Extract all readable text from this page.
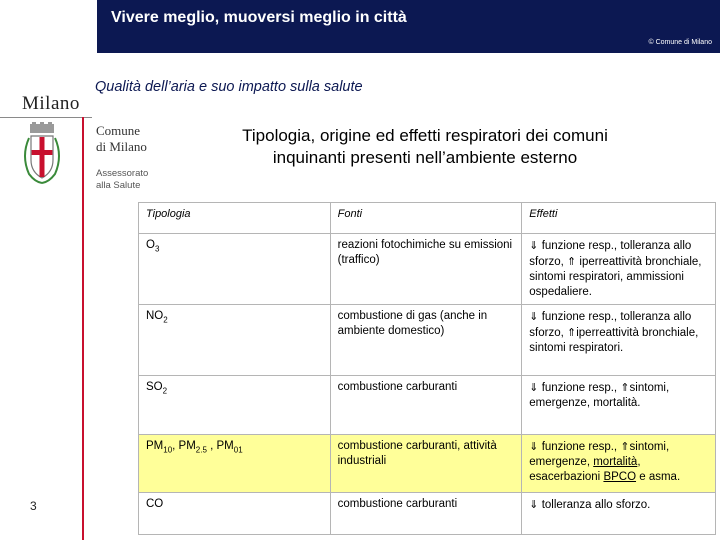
Vivere meglio, muoversi meglio in città
© Comune di Milano
Qualità dell’aria e suo impatto sulla salute
Milano
Comune
di Milano
Assessorato
alla Salute
Tipologia, origine ed effetti respiratori dei comuni
inquinanti presenti nell’ambiente esterno
3
Tipologia	Fonti	Effetti
$O_3$	reazioni fotochimiche su emissioni (traffico)	⇓ funzione resp., tolleranza allo sforzo, ⇑ iperreattività bronchiale, sintomi respiratori, ammissioni ospedaliere.
$NO_2$	combustione di gas (anche in ambiente domestico)	⇓ funzione resp., tolleranza allo sforzo, ⇑iperreattività bronchiale, sintomi respiratori.
$SO_2$	combustione carburanti	⇓ funzione resp., ⇑sintomi, emergenze, mortalità.
$PM_{10}$, $PM_{2.5}$ , $PM_{01}$	combustione carburanti, attività industriali	⇓ funzione resp., ⇑sintomi, emergenze, mortalità, esacerbazioni BPCO e asma.
CO	combustione carburanti	⇓ tolleranza allo sforzo.
